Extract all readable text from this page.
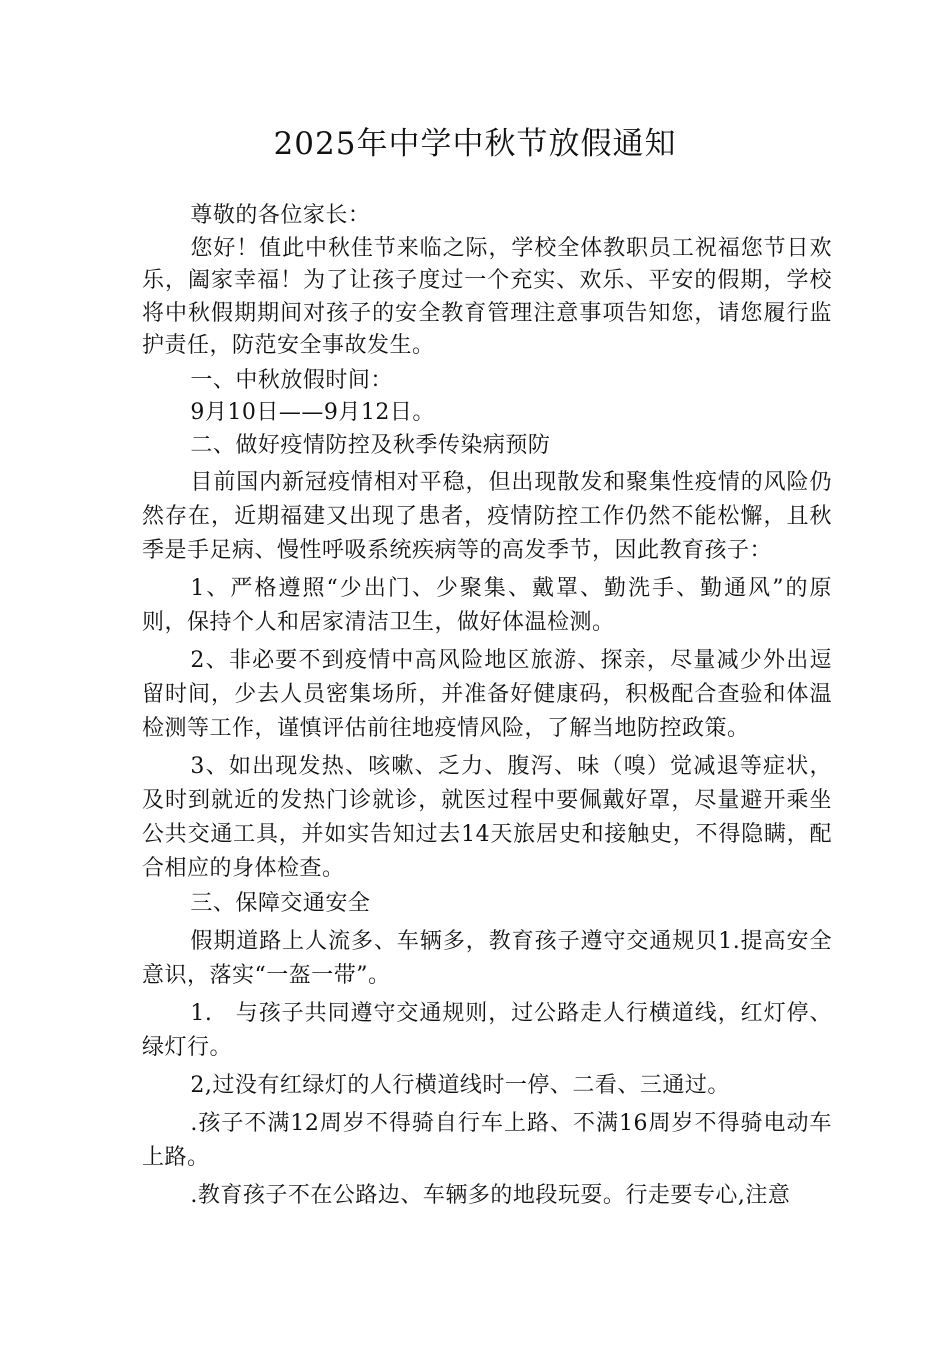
2025年中学中秋节放假通知

尊敬的各位家长：

您好！值此中秋佳节来临之际，学校全体教职员工祝福您节日欢乐，阖家幸福！为了让孩子度过一个充实、欢乐、平安的假期，学校将中秋假期期间对孩子的安全教育管理注意事项告知您，请您履行监护责任，防范安全事故发生。

一、中秋放假时间：

9月10日——9月12日。

二、做好疫情防控及秋季传染病预防

目前国内新冠疫情相对平稳，但出现散发和聚集性疫情的风险仍然存在，近期福建又出现了患者，疫情防控工作仍然不能松懈，且秋季是手足病、慢性呼吸系统疾病等的高发季节，因此教育孩子：

1、严格遵照“少出门、少聚集、戴罩、勤洗手、勤通风”的原则，保持个人和居家清洁卫生，做好体温检测。

2、非必要不到疫情中高风险地区旅游、探亲，尽量减少外出逗留时间，少去人员密集场所，并准备好健康码，积极配合查验和体温检测等工作，谨慎评估前往地疫情风险，了解当地防控政策。

3、如出现发热、咳嗽、乏力、腹泻、味（嗅）觉减退等症状，及时到就近的发热门诊就诊，就医过程中要佩戴好罩，尽量避开乘坐公共交通工具，并如实告知过去14天旅居史和接触史，不得隐瞒，配合相应的身体检查。

三、保障交通安全

假期道路上人流多、车辆多，教育孩子遵守交通规贝1.提高安全意识，落实“一盔一带”。

1.　与孩子共同遵守交通规则，过公路走人行横道线，红灯停、绿灯行。

2,过没有红绿灯的人行横道线时一停、二看、三通过。

.孩子不满12周岁不得骑自行车上路、不满16周岁不得骑电动车上路。

.教育孩子不在公路边、车辆多的地段玩耍。行走要专心,注意
